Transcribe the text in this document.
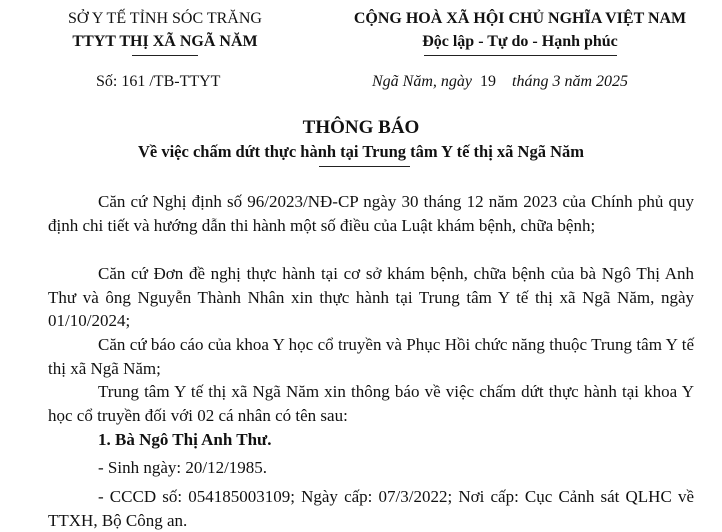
SỞ Y TẾ TỈNH SÓC TRĂNG
TTYT THỊ XÃ NGÃ NĂM
CỘNG HOÀ XÃ HỘI CHỦ NGHĨA VIỆT NAM
Độc lập - Tự do - Hạnh phúc
Số: 161 /TB-TTYT	Ngã Năm, ngày 19 tháng 3 năm 2025
THÔNG BÁO
Về việc chấm dứt thực hành tại Trung tâm Y tế thị xã Ngã Năm
Căn cứ Nghị định số 96/2023/NĐ-CP ngày 30 tháng 12 năm 2023 của Chính phủ quy định chi tiết và hướng dẫn thi hành một số điều của Luật khám bệnh, chữa bệnh;
Căn cứ Đơn đề nghị thực hành tại cơ sở khám bệnh, chữa bệnh của bà Ngô Thị Anh Thư và ông Nguyễn Thành Nhân xin thực hành tại Trung tâm Y tế thị xã Ngã Năm, ngày 01/10/2024;
Căn cứ báo cáo của khoa Y học cổ truyền và Phục Hồi chức năng thuộc Trung tâm Y tế thị xã Ngã Năm;
Trung tâm Y tế thị xã Ngã Năm xin thông báo về việc chấm dứt thực hành tại khoa Y học cổ truyền đối với 02 cá nhân có tên sau:
1. Bà Ngô Thị Anh Thư.
- Sinh ngày: 20/12/1985.
- CCCD số: 054185003109; Ngày cấp: 07/3/2022; Nơi cấp: Cục Cảnh sát QLHC về TTXH, Bộ Công an.
